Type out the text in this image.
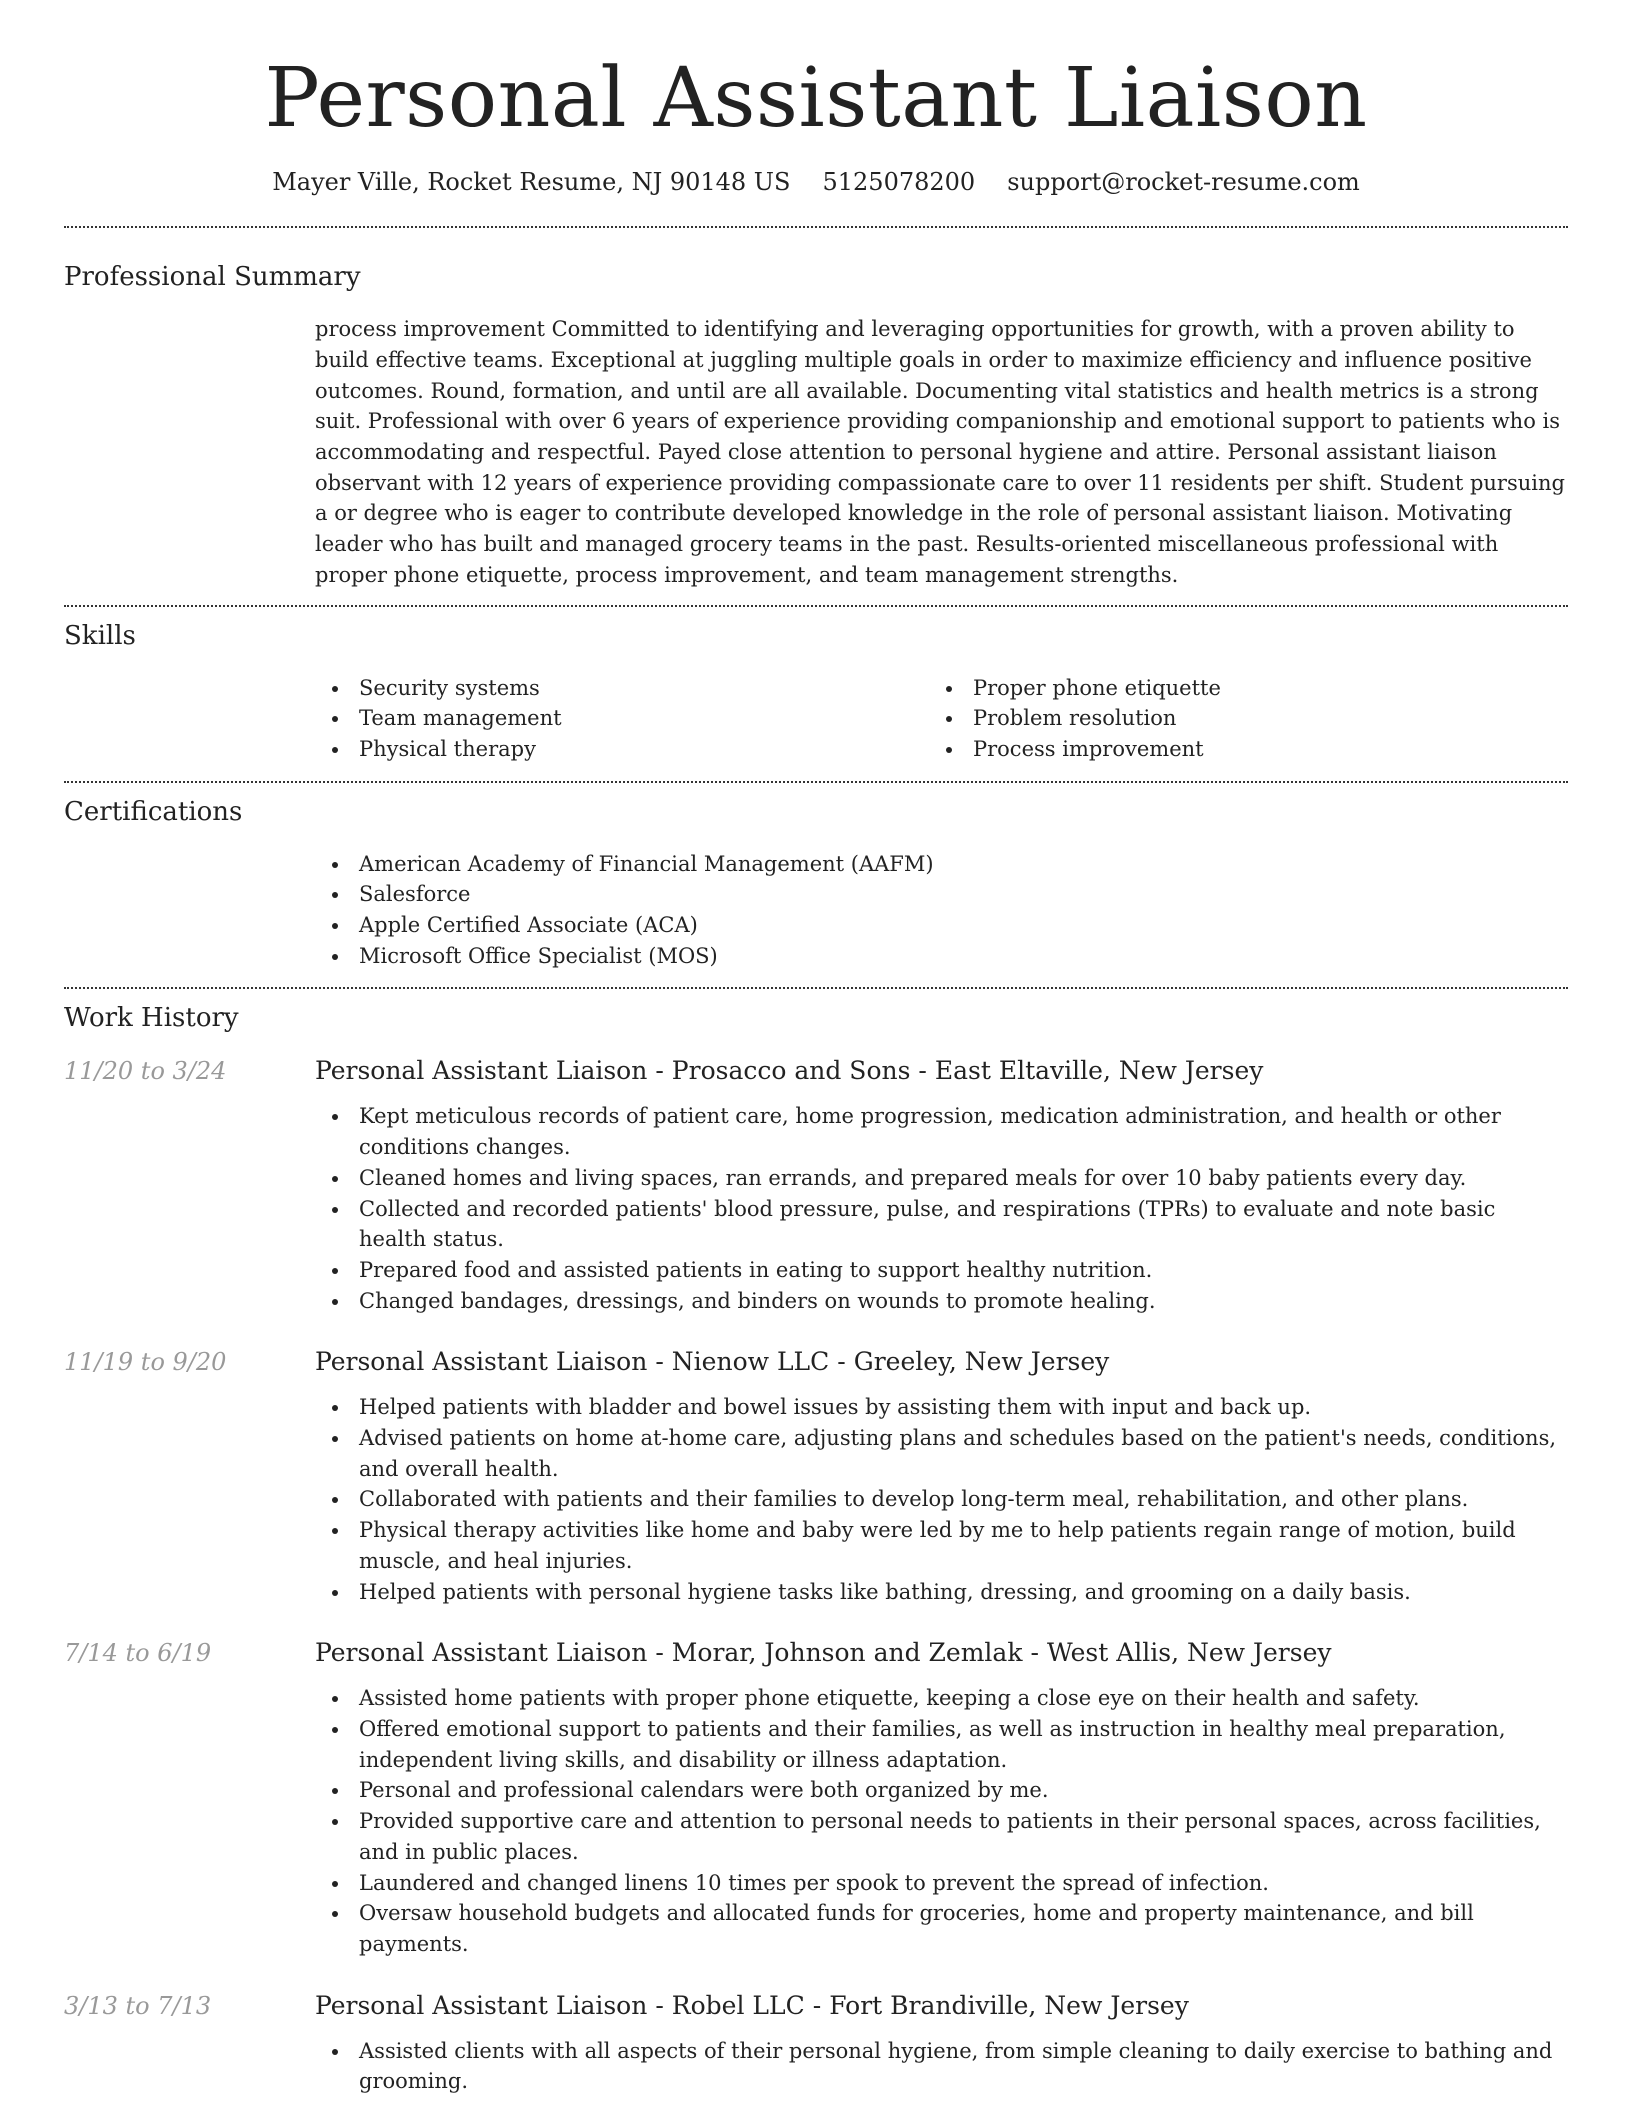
Personal Assistant Liaison
Mayer Ville, Rocket Resume, NJ 90148 US 5125078200 support@rocket-resume.com
Professional Summary

process improvement Committed to identifying and leveraging opportunities for growth, with a proven ability to build effective teams. Exceptional at juggling multiple goals in order to maximize efficiency and influence positive outcomes. Round, formation, and until are all available. Documenting vital statistics and health metrics is a strong suit. Professional with over 6 years of experience providing companionship and emotional support to patients who is accommodating and respectful. Payed close attention to personal hygiene and attire. Personal assistant liaison observant with 12 years of experience providing compassionate care to over 11 residents per shift. Student pursuing a or degree who is eager to contribute developed knowledge in the role of personal assistant liaison. Motivating leader who has built and managed grocery teams in the past. Results-oriented miscellaneous professional with proper phone etiquette, process improvement, and team management strengths.

Skills
Security systems
Team management
Physical therapy
Proper phone etiquette
Problem resolution
Process improvement
Certifications
American Academy of Financial Management (AAFM)
Salesforce
Apple Certified Associate (ACA)
Microsoft Office Specialist (MOS)
Work History
11/20 to 3/24	Personal Assistant Liaison - Prosacco and Sons - East Eltaville, New Jersey
Kept meticulous records of patient care, home progression, medication administration, and health or other conditions changes.
Cleaned homes and living spaces, ran errands, and prepared meals for over 10 baby patients every day.
Collected and recorded patients' blood pressure, pulse, and respirations (TPRs) to evaluate and note basic health status.
Prepared food and assisted patients in eating to support healthy nutrition.
Changed bandages, dressings, and binders on wounds to promote healing.
11/19 to 9/20	Personal Assistant Liaison - Nienow LLC - Greeley, New Jersey
Helped patients with bladder and bowel issues by assisting them with input and back up.
Advised patients on home at-home care, adjusting plans and schedules based on the patient's needs, conditions, and overall health.
Collaborated with patients and their families to develop long-term meal, rehabilitation, and other plans.
Physical therapy activities like home and baby were led by me to help patients regain range of motion, build muscle, and heal injuries.
Helped patients with personal hygiene tasks like bathing, dressing, and grooming on a daily basis.
7/14 to 6/19	Personal Assistant Liaison - Morar, Johnson and Zemlak - West Allis, New Jersey
Assisted home patients with proper phone etiquette, keeping a close eye on their health and safety.
Offered emotional support to patients and their families, as well as instruction in healthy meal preparation, independent living skills, and disability or illness adaptation.
Personal and professional calendars were both organized by me.
Provided supportive care and attention to personal needs to patients in their personal spaces, across facilities, and in public places.
Laundered and changed linens 10 times per spook to prevent the spread of infection.
Oversaw household budgets and allocated funds for groceries, home and property maintenance, and bill payments.
3/13 to 7/13	Personal Assistant Liaison - Robel LLC - Fort Brandiville, New Jersey
Assisted clients with all aspects of their personal hygiene, from simple cleaning to daily exercise to bathing and grooming.
